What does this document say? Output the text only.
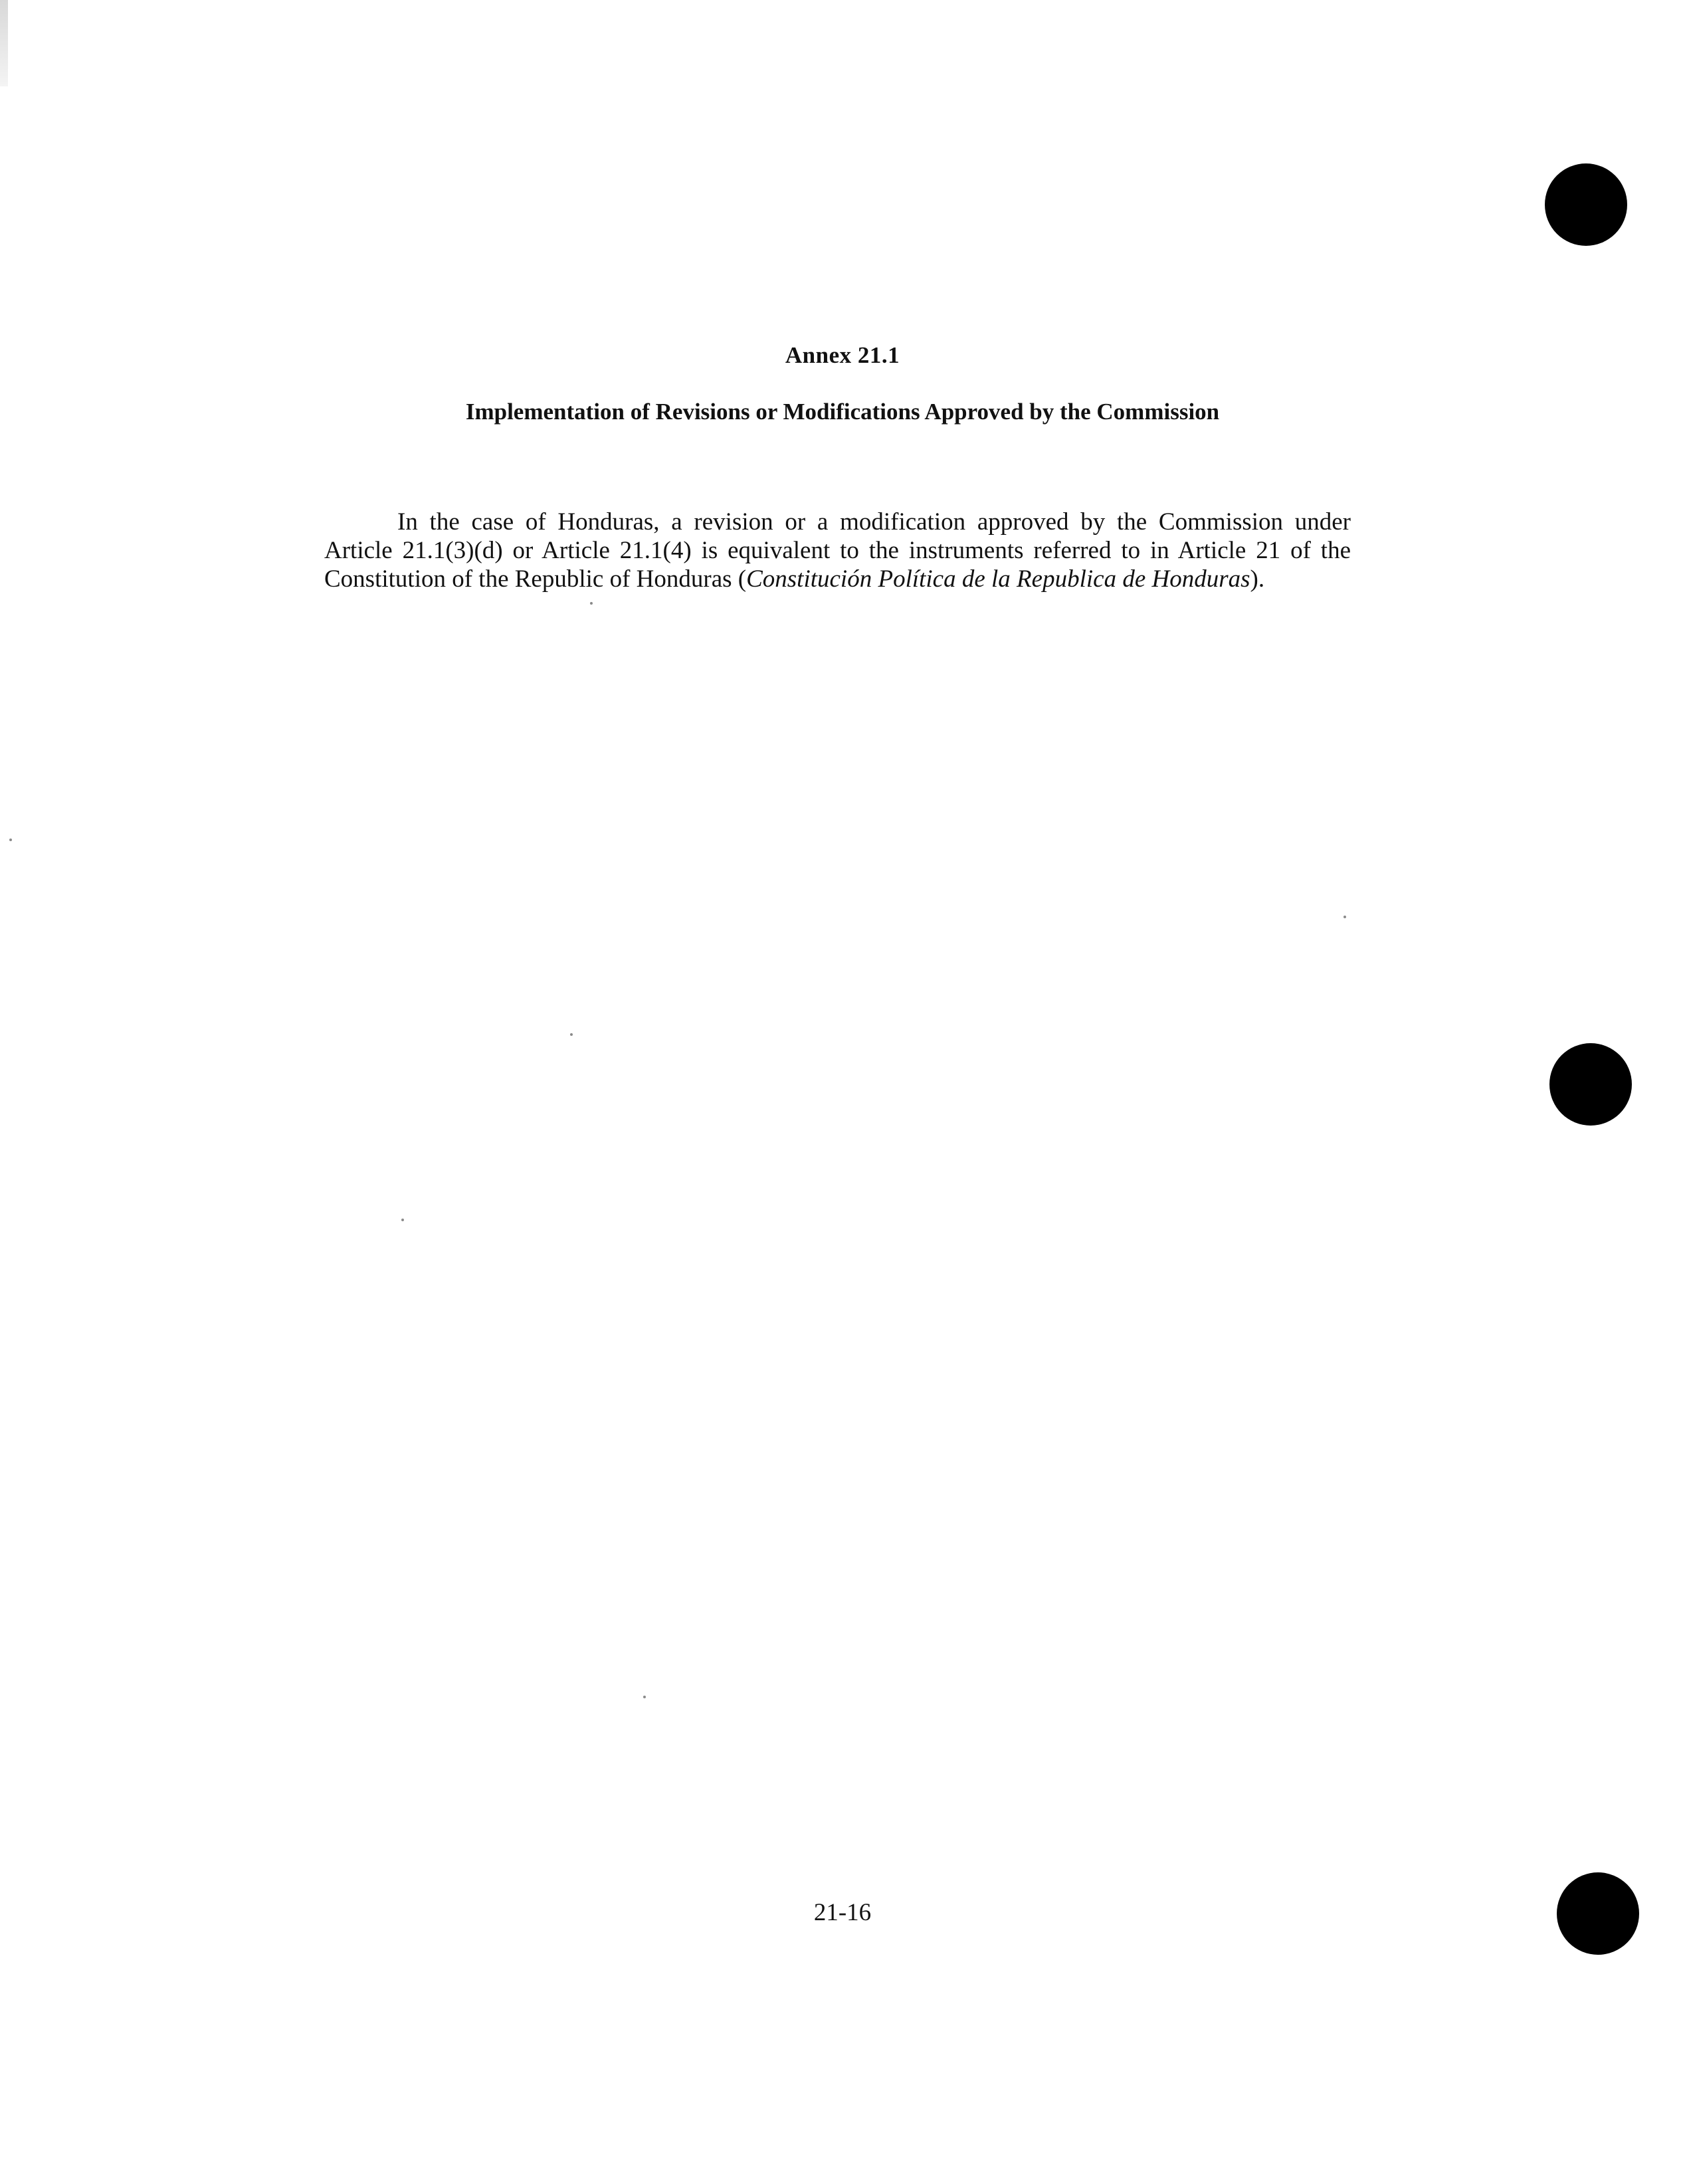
Annex 21.1
Implementation of Revisions or Modifications Approved by the Commission
In the case of Honduras, a revision or a modification approved by the Commission under
Article 21.1(3)(d) or Article 21.1(4) is equivalent to the instruments referred to in Article 21 of the
Constitution of the Republic of Honduras (Constitución Política de la Republica de Honduras).
21-16
